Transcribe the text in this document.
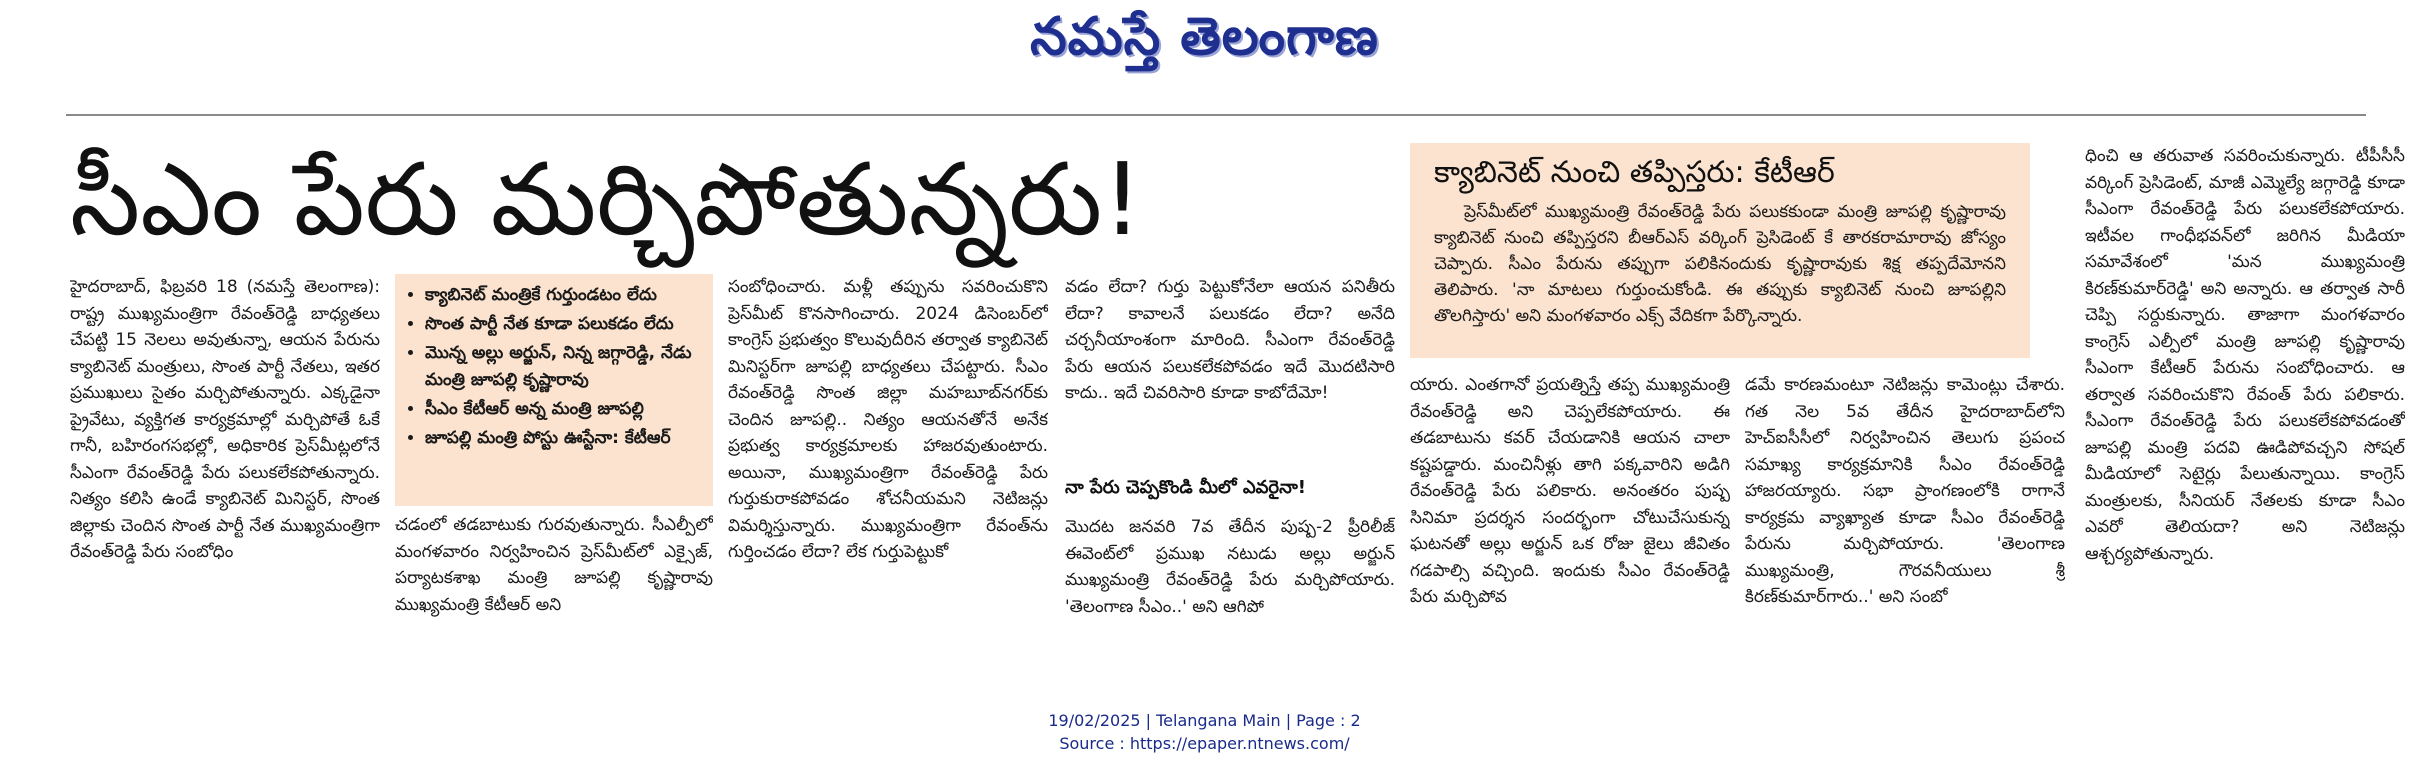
నమస్తే తెలంగాణ
సీఎం పేరు మర్చిపోతున్నరు!
హైదరాబాద్, ఫిబ్రవరి 18 (నమస్తే తెలంగాణ): రాష్ట్ర ముఖ్యమంత్రిగా రేవంత్‌రెడ్డి బాధ్యతలు చేపట్టి 15 నెలలు అవుతున్నా, ఆయన పేరును క్యాబినెట్ మంత్రులు, సొంత పార్టీ నేతలు, ఇతర ప్రముఖులు సైతం మర్చిపోతున్నారు. ఎక్కడైనా ప్రైవేటు, వ్యక్తిగత కార్యక్రమాల్లో మర్చిపోతే ఓకే గానీ, బహిరంగసభల్లో, అధికారిక ప్రెస్‌మీట్లలోనే సీఎంగా రేవంత్‌రెడ్డి పేరు పలుకలేకపోతున్నారు. నిత్యం కలిసి ఉండే క్యాబినెట్ మినిస్టర్, సొంత జిల్లాకు చెందిన సొంత పార్టీ నేత ముఖ్యమంత్రిగా రేవంత్‌రెడ్డి పేరు సంబోధిం
• క్యాబినెట్ మంత్రికే గుర్తుండటం లేదు
• సొంత పార్టీ నేత కూడా పలుకడం లేదు
• మొన్న అల్లు అర్జున్, నిన్న జగ్గారెడ్డి, నేడు మంత్రి జూపల్లి కృష్ణారావు
• సీఎం కేటీఆర్ అన్న మంత్రి జూపల్లి
• జూపల్లి మంత్రి పోస్టు ఊస్టేనా: కేటీఆర్
చడంలో తడబాటుకు గురవుతున్నారు. సీఎల్పీలో మంగళవారం నిర్వహించిన ప్రెస్‌మీట్‌లో ఎక్సైజ్, పర్యాటకశాఖ మంత్రి జూపల్లి కృష్ణారావు ముఖ్యమంత్రి కేటీఆర్ అని
సంబోధించారు. మళ్లీ తప్పును సవరించుకొని ప్రెస్‌మీట్ కొనసాగించారు. 2024 డిసెంబర్‌లో కాంగ్రెస్ ప్రభుత్వం కొలువుదీరిన తర్వాత క్యాబినెట్ మినిస్టర్‌గా జూపల్లి బాధ్యతలు చేపట్టారు. సీఎం రేవంత్‌రెడ్డి సొంత జిల్లా మహబూబ్‌నగర్‌కు చెందిన జూపల్లి.. నిత్యం ఆయనతోనే అనేక ప్రభుత్వ కార్యక్రమాలకు హాజరవుతుంటారు. అయినా, ముఖ్యమంత్రిగా రేవంత్‌రెడ్డి పేరు గుర్తుకురాకపోవడం శోచనీయమని నెటిజన్లు విమర్శిస్తున్నారు. ముఖ్యమంత్రిగా రేవంత్‌ను గుర్తించడం లేదా? లేక గుర్తుపెట్టుకో
వడం లేదా? గుర్తు పెట్టుకోనేలా ఆయన పనితీరు లేదా? కావాలనే పలుకడం లేదా? అనేది చర్చనీయాంశంగా మారింది. సీఎంగా రేవంత్‌రెడ్డి పేరు ఆయన పలుకలేకపోవడం ఇదే మొదటిసారి కాదు.. ఇదే చివరిసారి కూడా కాబోదేమో!
నా పేరు చెప్పకొండి మీలో ఎవరైనా!
మొదట జనవరి 7వ తేదీన పుష్ప-2 ప్రీరిలీజ్ ఈవెంట్‌లో ప్రముఖ నటుడు అల్లు అర్జున్ ముఖ్యమంత్రి రేవంత్‌రెడ్డి పేరు మర్చిపోయారు. 'తెలంగాణ సీఎం..' అని ఆగిపో
క్యాబినెట్ నుంచి తప్పిస్తరు: కేటీఆర్
ప్రెస్‌మీట్‌లో ముఖ్యమంత్రి రేవంత్‌రెడ్డి పేరు పలుకకుండా మంత్రి జూపల్లి కృష్ణారావు క్యాబినెట్ నుంచి తప్పిస్తరని బీఆర్ఎస్ వర్కింగ్ ప్రెసిడెంట్ కే తారకరామారావు జోస్యం చెప్పారు. సీఎం పేరును తప్పుగా పలికినందుకు కృష్ణారావుకు శిక్ష తప్పదేమోనని తెలిపారు. 'నా మాటలు గుర్తుంచుకోండి. ఈ తప్పుకు క్యాబినెట్ నుంచి జూపల్లిని తొలగిస్తారు' అని మంగళవారం ఎక్స్ వేదికగా పేర్కొన్నారు.
యారు. ఎంతగానో ప్రయత్నిస్తే తప్ప ముఖ్యమంత్రి రేవంత్‌రెడ్డి అని చెప్పలేకపోయారు. ఈ తడబాటును కవర్ చేయడానికి ఆయన చాలా కష్టపడ్డారు. మంచినీళ్లు తాగి పక్కవారిని అడిగి రేవంత్‌రెడ్డి పేరు పలికారు. అనంతరం పుష్ప సినిమా ప్రదర్శన సందర్భంగా చోటుచేసుకున్న ఘటనతో అల్లు అర్జున్ ఒక రోజు జైలు జీవితం గడపాల్సి వచ్చింది. ఇందుకు సీఎం రేవంత్‌రెడ్డి పేరు మర్చిపోవ
డమే కారణమంటూ నెటిజన్లు కామెంట్లు చేశారు. గత నెల 5వ తేదీన హైదరాబాద్‌లోని హెచ్ఐసీసీలో నిర్వహించిన తెలుగు ప్రపంచ సమాఖ్య కార్యక్రమానికి సీఎం రేవంత్‌రెడ్డి హాజరయ్యారు. సభా ప్రాంగణంలోకి రాగానే కార్యక్రమ వ్యాఖ్యాత కూడా సీఎం రేవంత్‌రెడ్డి పేరును మర్చిపోయారు. 'తెలంగాణ ముఖ్యమంత్రి, గౌరవనీయులు శ్రీ కిరణ్‌కుమార్‌గారు..' అని సంబో
ధించి ఆ తరువాత సవరించుకున్నారు. టీపీసీసీ వర్కింగ్ ప్రెసిడెంట్, మాజీ ఎమ్మెల్యే జగ్గారెడ్డి కూడా సీఎంగా రేవంత్‌రెడ్డి పేరు పలుకలేకపోయారు. ఇటీవల గాంధీభవన్‌లో జరిగిన మీడియా సమావేశంలో 'మన ముఖ్యమంత్రి కిరణ్‌కుమార్‌రెడ్డి' అని అన్నారు. ఆ తర్వాత సారీ చెప్పి సర్దుకున్నారు. తాజాగా మంగళవారం కాంగ్రెస్ ఎల్పీలో మంత్రి జూపల్లి కృష్ణారావు సీఎంగా కేటీఆర్ పేరును సంబోధించారు. ఆ తర్వాత సవరించుకొని రేవంత్ పేరు పలికారు. సీఎంగా రేవంత్‌రెడ్డి పేరు పలుకలేకపోవడంతో జూపల్లి మంత్రి పదవి ఊడిపోవచ్చని సోషల్ మీడియాలో సెటైర్లు పేలుతున్నాయి. కాంగ్రెస్ మంత్రులకు, సీనియర్ నేతలకు కూడా సీఎం ఎవరో తెలియదా? అని నెటిజన్లు ఆశ్చర్యపోతున్నారు.
19/02/2025 | Telangana Main | Page : 2
Source : https://epaper.ntnews.com/
